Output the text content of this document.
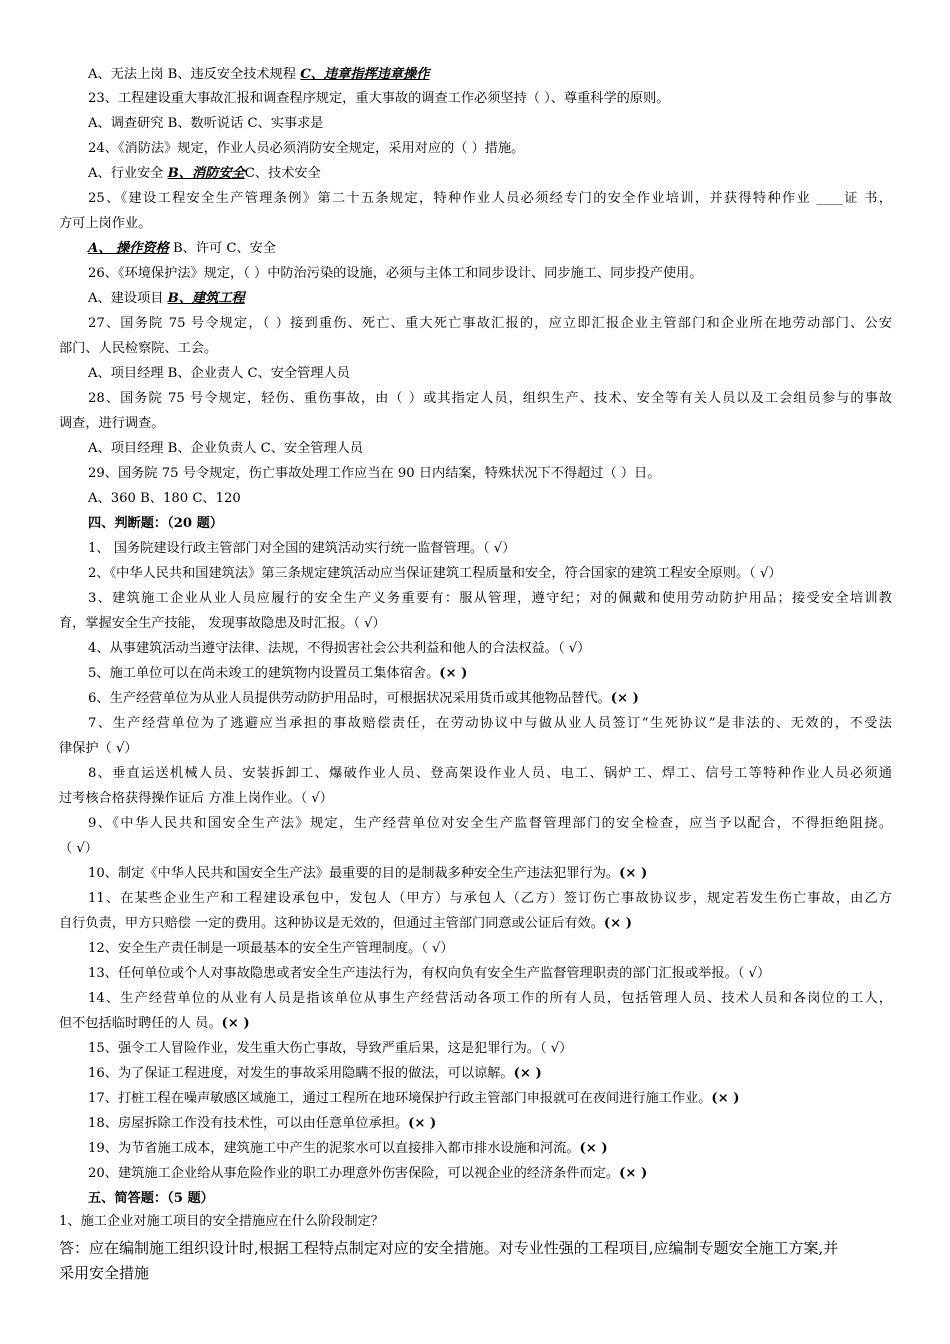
A、无法上岗 B、违反安全技术规程 C、违章指挥违章操作
23、工程建设重大事故汇报和调查程序规定，重大事故的调查工作必须坚持（ ）、尊重科学的原则。
A、调查研究 B、数听说话 C、实事求是
24、《消防法》规定，作业人员必须消防安全规定，采用对应的（ ）措施。
A、行业安全 B、消防安全C、技术安全
25、《建设工程安全生产管理条例》第二十五条规定，特种作业人员必须经专门的安全作业培训，并获得特种作业 ____证 书，
方可上岗作业。
A、 操作资格 B、许可 C、安全
26、《环境保护法》规定，（ ）中防治污染的设施，必须与主体工和同步设计、同步施工、同步投产使用。
A、建设项目 B、建筑工程
27、国务院 75 号令规定，（ ）接到重伤、死亡、重大死亡事故汇报的，应立即汇报企业主管部门和企业所在地劳动部门、公安
部门、人民检察院、工会。
A、项目经理 B、企业责人 C、安全管理人员
28、国务院 75 号令规定，轻伤、重伤事故，由（ ）或其指定人员，组织生产、技术、安全等有关人员以及工会组员参与的事故
调查，进行调查。
A、项目经理 B、企业负责人 C、安全管理人员
29、国务院 75 号令规定，伤亡事故处理工作应当在 90 日内结案，特殊状况下不得超过（ ）日。
A、360 B、180 C、120
四、判断题：（20 题）
1、 国务院建设行政主管部门对全国的建筑活动实行统一监督管理。（ √）
2、《中华人民共和国建筑法》第三条规定建筑活动应当保证建筑工程质量和安全，符合国家的建筑工程安全原则。（ √）
3、建筑施工企业从业人员应履行的安全生产义务重要有：服从管理，遵守纪；对的佩戴和使用劳动防护用品；接受安全培训教
育，掌握安全生产技能， 发现事故隐患及时汇报。（ √）
4、从事建筑活动当遵守法律、法规，不得损害社会公共利益和他人的合法权益。（ √）
5、施工单位可以在尚未竣工的建筑物内设置员工集体宿舍。(× )
6、生产经营单位为从业人员提供劳动防护用品时，可根据状况采用货币或其他物品替代。(× )
7、生产经营单位为了逃避应当承担的事故赔偿责任，在劳动协议中与做从业人员签订“生死协议”是非法的、无效的，不受法
律保护（ √）
8、垂直运送机械人员、安装拆卸工、爆破作业人员、登高架设作业人员、电工、锅炉工、焊工、信号工等特种作业人员必须通
过考核合格获得操作证后 方准上岗作业。（ √）
9、《中华人民共和国安全生产法》规定，生产经营单位对安全生产监督管理部门的安全检查，应当予以配合，不得拒绝阻挠。
（ √）
10、制定《中华人民共和国安全生产法》最重要的目的是制裁多种安全生产违法犯罪行为。(× )
11、在某些企业生产和工程建设承包中，发包人（甲方）与承包人（乙方）签订伤亡事故协议步，规定若发生伤亡事故，由乙方
自行负责，甲方只赔偿 一定的费用。这种协议是无效的，但通过主管部门同意或公证后有效。(× )
12、安全生产责任制是一项最基本的安全生产管理制度。（ √）
13、任何单位或个人对事故隐患或者安全生产违法行为，有权向负有安全生产监督管理职责的部门汇报或举报。（ √）
14、生产经营单位的从业有人员是指该单位从事生产经营活动各项工作的所有人员，包括管理人员、技术人员和各岗位的工人，
但不包括临时聘任的人 员。(× )
15、强令工人冒险作业，发生重大伤亡事故，导致严重后果，这是犯罪行为。（ √）
16、为了保证工程进度，对发生的事故采用隐瞒不报的做法，可以谅解。(× )
17、打桩工程在噪声敏感区域施工，通过工程所在地环境保护行政主管部门申报就可在夜间进行施工作业。(× )
18、房屋拆除工作没有技术性，可以由任意单位承担。(× )
19、为节省施工成本，建筑施工中产生的泥浆水可以直接排入都市排水设施和河流。(× )
20、建筑施工企业给从事危险作业的职工办理意外伤害保险，可以视企业的经济条件而定。(× )
五、简答题：（5 题）
1、施工企业对施工项目的安全措施应在什么阶段制定？
答：应在编制施工组织设计时,根据工程特点制定对应的安全措施。对专业性强的工程项目,应编制专题安全施工方案,并
采用安全措施
